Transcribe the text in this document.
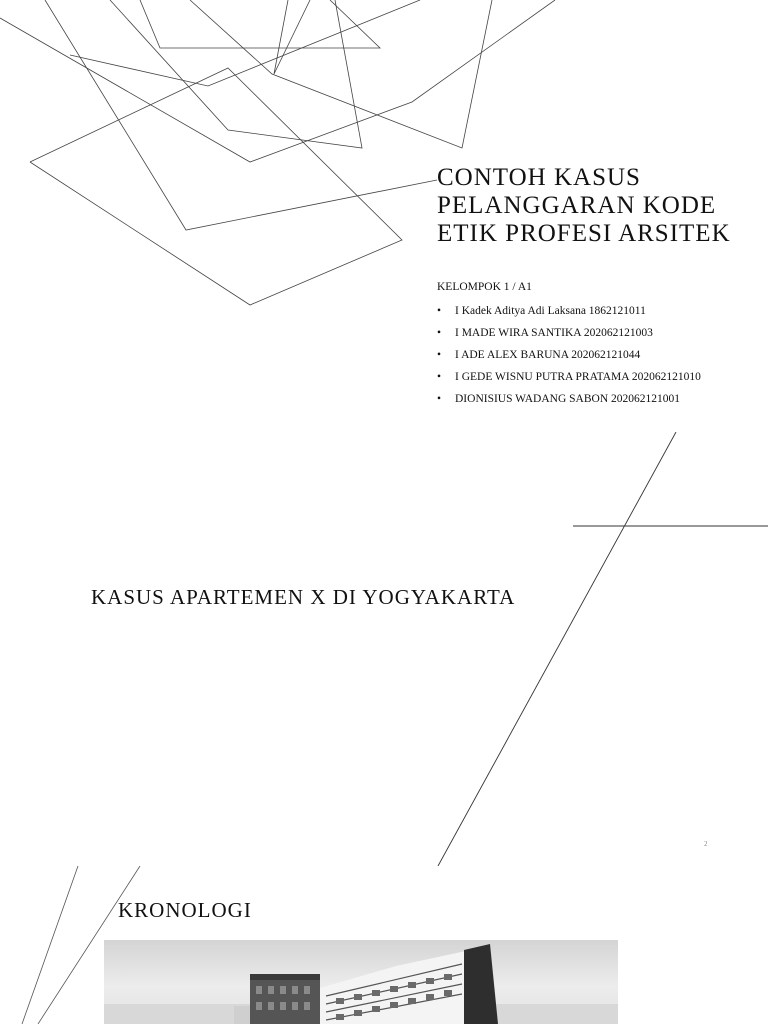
CONTOH KASUS PELANGGARAN KODE ETIK PROFESI ARSITEK

KELOMPOK 1 / A1

• I Kadek Aditya Adi Laksana 1862121011
• I MADE WIRA SANTIKA 202062121003
• I ADE ALEX BARUNA 202062121044
• I GEDE WISNU PUTRA PRATAMA 202062121010
• DIONISIUS WADANG SABON 202062121001
KASUS APARTEMEN X DI YOGYAKARTA
2
KRONOLOGI
